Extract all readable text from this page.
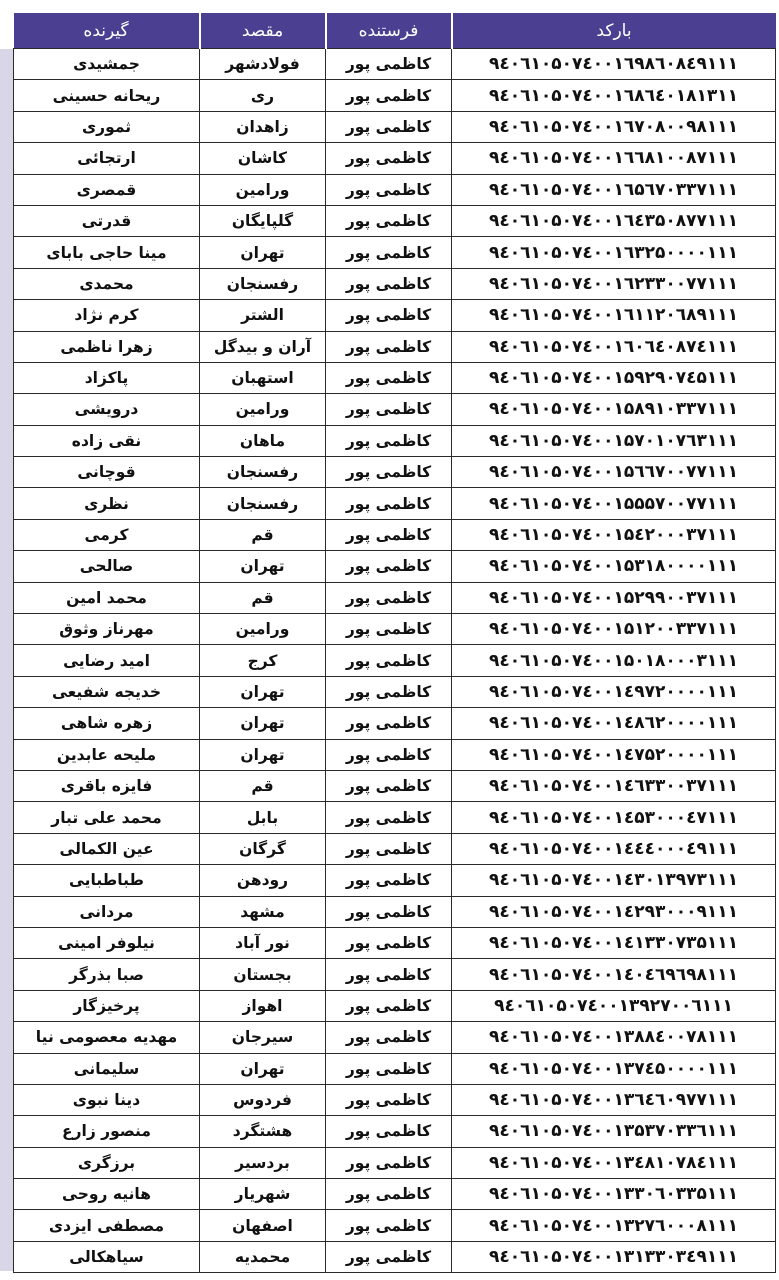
بارکد	فرستنده	مقصد	گیرنده
۹٤۰٦۱۰۵۰۷٤۰۰۱٦۹۸٦۰۸٤۹۱۱۱	کاظمی پور	فولادشهر	جمشیدی
۹٤۰٦۱۰۵۰۷٤۰۰۱٦۸٦٤۰۱۸۱۳۱۱	کاظمی پور	ری	ریحانه حسینی
۹٤۰٦۱۰۵۰۷٤۰۰۱٦۷۰۸۰۰۹۸۱۱۱	کاظمی پور	زاهدان	ثموری
۹٤۰٦۱۰۵۰۷٤۰۰۱٦٦۸۱۰۰۸۷۱۱۱	کاظمی پور	کاشان	ارتجائی
۹٤۰٦۱۰۵۰۷٤۰۰۱٦۵٦۷۰۳۳۷۱۱۱	کاظمی پور	ورامین	قمصری
۹٤۰٦۱۰۵۰۷٤۰۰۱٦٤۳۵۰۸۷۷۱۱۱	کاظمی پور	گلپایگان	قدرتی
۹٤۰٦۱۰۵۰۷٤۰۰۱٦۳۲۵۰۰۰۰۱۱۱	کاظمی پور	تهران	مینا حاجی بابای
۹٤۰٦۱۰۵۰۷٤۰۰۱٦۲۳۳۰۰۷۷۱۱۱	کاظمی پور	رفسنجان	محمدی
۹٤۰٦۱۰۵۰۷٤۰۰۱٦۱۱۲۰٦۸۹۱۱۱	کاظمی پور	الشتر	کرم نژاد
۹٤۰٦۱۰۵۰۷٤۰۰۱٦۰٦٤۰۸۷٤۱۱۱	کاظمی پور	آران و بیدگل	زهرا ناظمی
۹٤۰٦۱۰۵۰۷٤۰۰۱۵۹۲۹۰۷٤۵۱۱۱	کاظمی پور	استهبان	پاکزاد
۹٤۰٦۱۰۵۰۷٤۰۰۱۵۸۹۱۰۳۳۷۱۱۱	کاظمی پور	ورامین	درویشی
۹٤۰٦۱۰۵۰۷٤۰۰۱۵۷۰۱۰۷٦۳۱۱۱	کاظمی پور	ماهان	نقی زاده
۹٤۰٦۱۰۵۰۷٤۰۰۱۵٦٦۷۰۰۷۷۱۱۱	کاظمی پور	رفسنجان	قوچانی
۹٤۰٦۱۰۵۰۷٤۰۰۱۵۵۵۷۰۰۷۷۱۱۱	کاظمی پور	رفسنجان	نظری
۹٤۰٦۱۰۵۰۷٤۰۰۱۵٤۲۰۰۰۳۷۱۱۱	کاظمی پور	قم	کرمی
۹٤۰٦۱۰۵۰۷٤۰۰۱۵۳۱۸۰۰۰۰۱۱۱	کاظمی پور	تهران	صالحی
۹٤۰٦۱۰۵۰۷٤۰۰۱۵۲۹۹۰۰۳۷۱۱۱	کاظمی پور	قم	محمد امین
۹٤۰٦۱۰۵۰۷٤۰۰۱۵۱۲۰۰۳۳۷۱۱۱	کاظمی پور	ورامین	مهرناز وثوق
۹٤۰٦۱۰۵۰۷٤۰۰۱۵۰۱۸۰۰۰۳۱۱۱	کاظمی پور	کرج	امید رضایی
۹٤۰٦۱۰۵۰۷٤۰۰۱٤۹۷۲۰۰۰۰۱۱۱	کاظمی پور	تهران	خدیجه شفیعی
۹٤۰٦۱۰۵۰۷٤۰۰۱٤۸٦۲۰۰۰۰۱۱۱	کاظمی پور	تهران	زهره شاهی
۹٤۰٦۱۰۵۰۷٤۰۰۱٤۷۵۲۰۰۰۰۱۱۱	کاظمی پور	تهران	ملیحه عابدین
۹٤۰٦۱۰۵۰۷٤۰۰۱٤٦۳۳۰۰۳۷۱۱۱	کاظمی پور	قم	فایزه باقری
۹٤۰٦۱۰۵۰۷٤۰۰۱٤۵۳۰۰۰٤۷۱۱۱	کاظمی پور	بابل	محمد علی تبار
۹٤۰٦۱۰۵۰۷٤۰۰۱٤٤٤۰۰۰٤۹۱۱۱	کاظمی پور	گرگان	عین الکمالی
۹٤۰٦۱۰۵۰۷٤۰۰۱٤۳۰۱۳۹۷۳۱۱۱	کاظمی پور	رودهن	طباطبایی
۹٤۰٦۱۰۵۰۷٤۰۰۱٤۲۹۳۰۰۰۹۱۱۱	کاظمی پور	مشهد	مردانی
۹٤۰٦۱۰۵۰۷٤۰۰۱٤۱۳۳۰۷۳۵۱۱۱	کاظمی پور	نور آباد	نیلوفر امینی
۹٤۰٦۱۰۵۰۷٤۰۰۱٤۰٤٦۹٦۹۸۱۱۱	کاظمی پور	بجستان	صبا بذرگر
۹٤۰٦۱۰۵۰۷٤۰۰۱۳۹۲۷۰۰٦۱۱۱	کاظمی پور	اهواز	پرخیزگار
۹٤۰٦۱۰۵۰۷٤۰۰۱۳۸۸٤۰۰۷۸۱۱۱	کاظمی پور	سیرجان	مهدیه معصومی نیا
۹٤۰٦۱۰۵۰۷٤۰۰۱۳۷٤۵۰۰۰۰۱۱۱	کاظمی پور	تهران	سلیمانی
۹٤۰٦۱۰۵۰۷٤۰۰۱۳٦٤٦۰۹۷۷۱۱۱	کاظمی پور	فردوس	دینا نبوی
۹٤۰٦۱۰۵۰۷٤۰۰۱۳۵۳۷۰۳۳٦۱۱۱	کاظمی پور	هشتگرد	منصور زارع
۹٤۰٦۱۰۵۰۷٤۰۰۱۳٤۸۱۰۷۸٤۱۱۱	کاظمی پور	بردسیر	برزگری
۹٤۰٦۱۰۵۰۷٤۰۰۱۳۳۰٦۰۳۳۵۱۱۱	کاظمی پور	شهریار	هانیه روحی
۹٤۰٦۱۰۵۰۷٤۰۰۱۳۲۷٦۰۰۰۸۱۱۱	کاظمی پور	اصفهان	مصطفی ایزدی
۹٤۰٦۱۰۵۰۷٤۰۰۱۳۱۳۳۰۳٤۹۱۱۱	کاظمی پور	محمدیه	سیاهکالی
